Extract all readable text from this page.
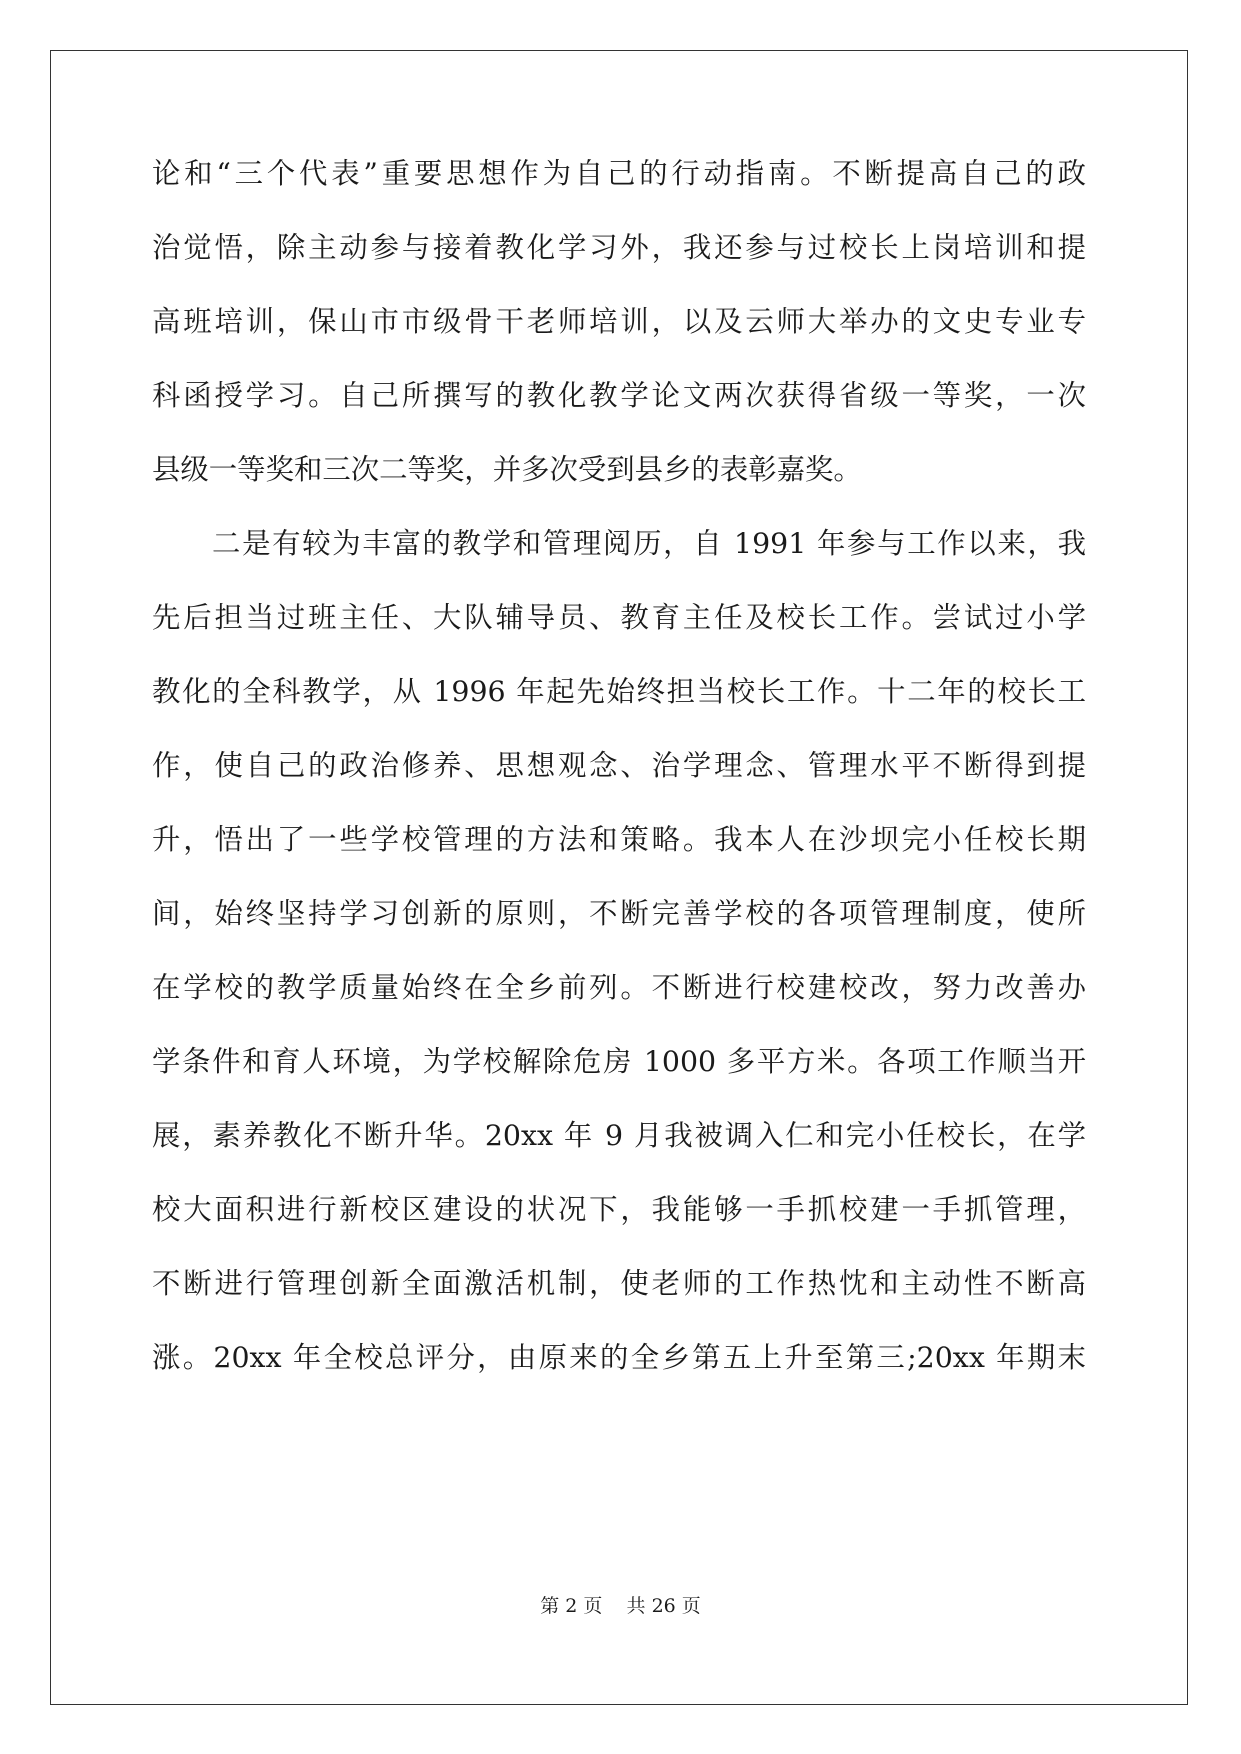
论和“三个代表”重要思想作为自己的行动指南。不断提高自己的政
治觉悟，除主动参与接着教化学习外，我还参与过校长上岗培训和提
高班培训，保山市市级骨干老师培训，以及云师大举办的文史专业专
科函授学习。自己所撰写的教化教学论文两次获得省级一等奖，一次
县级一等奖和三次二等奖，并多次受到县乡的表彰嘉奖。
二是有较为丰富的教学和管理阅历，自 1991 年参与工作以来，我
先后担当过班主任、大队辅导员、教育主任及校长工作。尝试过小学
教化的全科教学，从 1996 年起先始终担当校长工作。十二年的校长工
作，使自己的政治修养、思想观念、治学理念、管理水平不断得到提
升，悟出了一些学校管理的方法和策略。我本人在沙坝完小任校长期
间，始终坚持学习创新的原则，不断完善学校的各项管理制度，使所
在学校的教学质量始终在全乡前列。不断进行校建校改，努力改善办
学条件和育人环境，为学校解除危房 1000 多平方米。各项工作顺当开
展，素养教化不断升华。20xx 年 9 月我被调入仁和完小任校长，在学
校大面积进行新校区建设的状况下，我能够一手抓校建一手抓管理，
不断进行管理创新全面激活机制，使老师的工作热忱和主动性不断高
涨。20xx 年全校总评分，由原来的全乡第五上升至第三;20xx 年期末
第 2 页    共 26 页
